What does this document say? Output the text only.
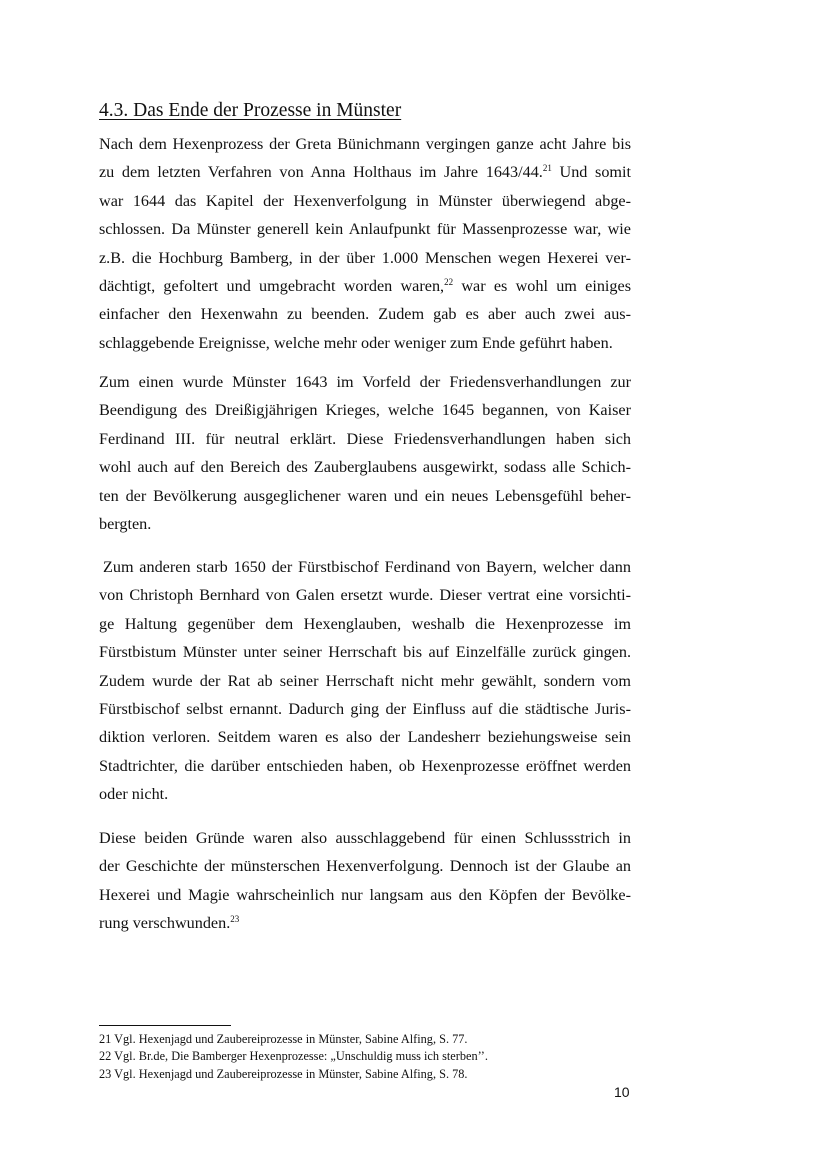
4.3. Das Ende der Prozesse in Münster
Nach dem Hexenprozess der Greta Bünichmann vergingen ganze acht Jahre bis
zu dem letzten Verfahren von Anna Holthaus im Jahre 1643/44.21 Und somit
war 1644 das Kapitel der Hexenverfolgung in Münster überwiegend abge-
schlossen. Da Münster generell kein Anlaufpunkt für Massenprozesse war, wie
z.B. die Hochburg Bamberg, in der über 1.000 Menschen wegen Hexerei ver-
dächtigt, gefoltert und umgebracht worden waren,$^{22}$ war es wohl um einiges
einfacher den Hexenwahn zu beenden. Zudem gab es aber auch zwei aus-
schlaggebende Ereignisse, welche mehr oder weniger zum Ende geführt haben.
Zum einen wurde Münster 1643 im Vorfeld der Friedensverhandlungen zur
Beendigung des Dreißigjährigen Krieges, welche 1645 begannen, von Kaiser
Ferdinand III. für neutral erklärt. Diese Friedensverhandlungen haben sich
wohl auch auf den Bereich des Zauberglaubens ausgewirkt, sodass alle Schich-
ten der Bevölkerung ausgeglichener waren und ein neues Lebensgefühl beher-
bergten.
Zum anderen starb 1650 der Fürstbischof Ferdinand von Bayern, welcher dann
von Christoph Bernhard von Galen ersetzt wurde. Dieser vertrat eine vorsichti-
ge Haltung gegenüber dem Hexenglauben, weshalb die Hexenprozesse im
Fürstbistum Münster unter seiner Herrschaft bis auf Einzelfälle zurück gingen.
Zudem wurde der Rat ab seiner Herrschaft nicht mehr gewählt, sondern vom
Fürstbischof selbst ernannt. Dadurch ging der Einfluss auf die städtische Juris-
diktion verloren. Seitdem waren es also der Landesherr beziehungsweise sein
Stadtrichter, die darüber entschieden haben, ob Hexenprozesse eröffnet werden
oder nicht.
Diese beiden Gründe waren also ausschlaggebend für einen Schlussstrich in
der Geschichte der münsterschen Hexenverfolgung. Dennoch ist der Glaube an
Hexerei und Magie wahrscheinlich nur langsam aus den Köpfen der Bevölke-
rung verschwunden.$^{23}$
21 Vgl. Hexenjagd und Zaubereiprozesse in Münster, Sabine Alfing, S. 77.
22 Vgl. Br.de, Die Bamberger Hexenprozesse: „Unschuldig muss ich sterben’’.
23 Vgl. Hexenjagd und Zaubereiprozesse in Münster, Sabine Alfing, S. 78.
10
